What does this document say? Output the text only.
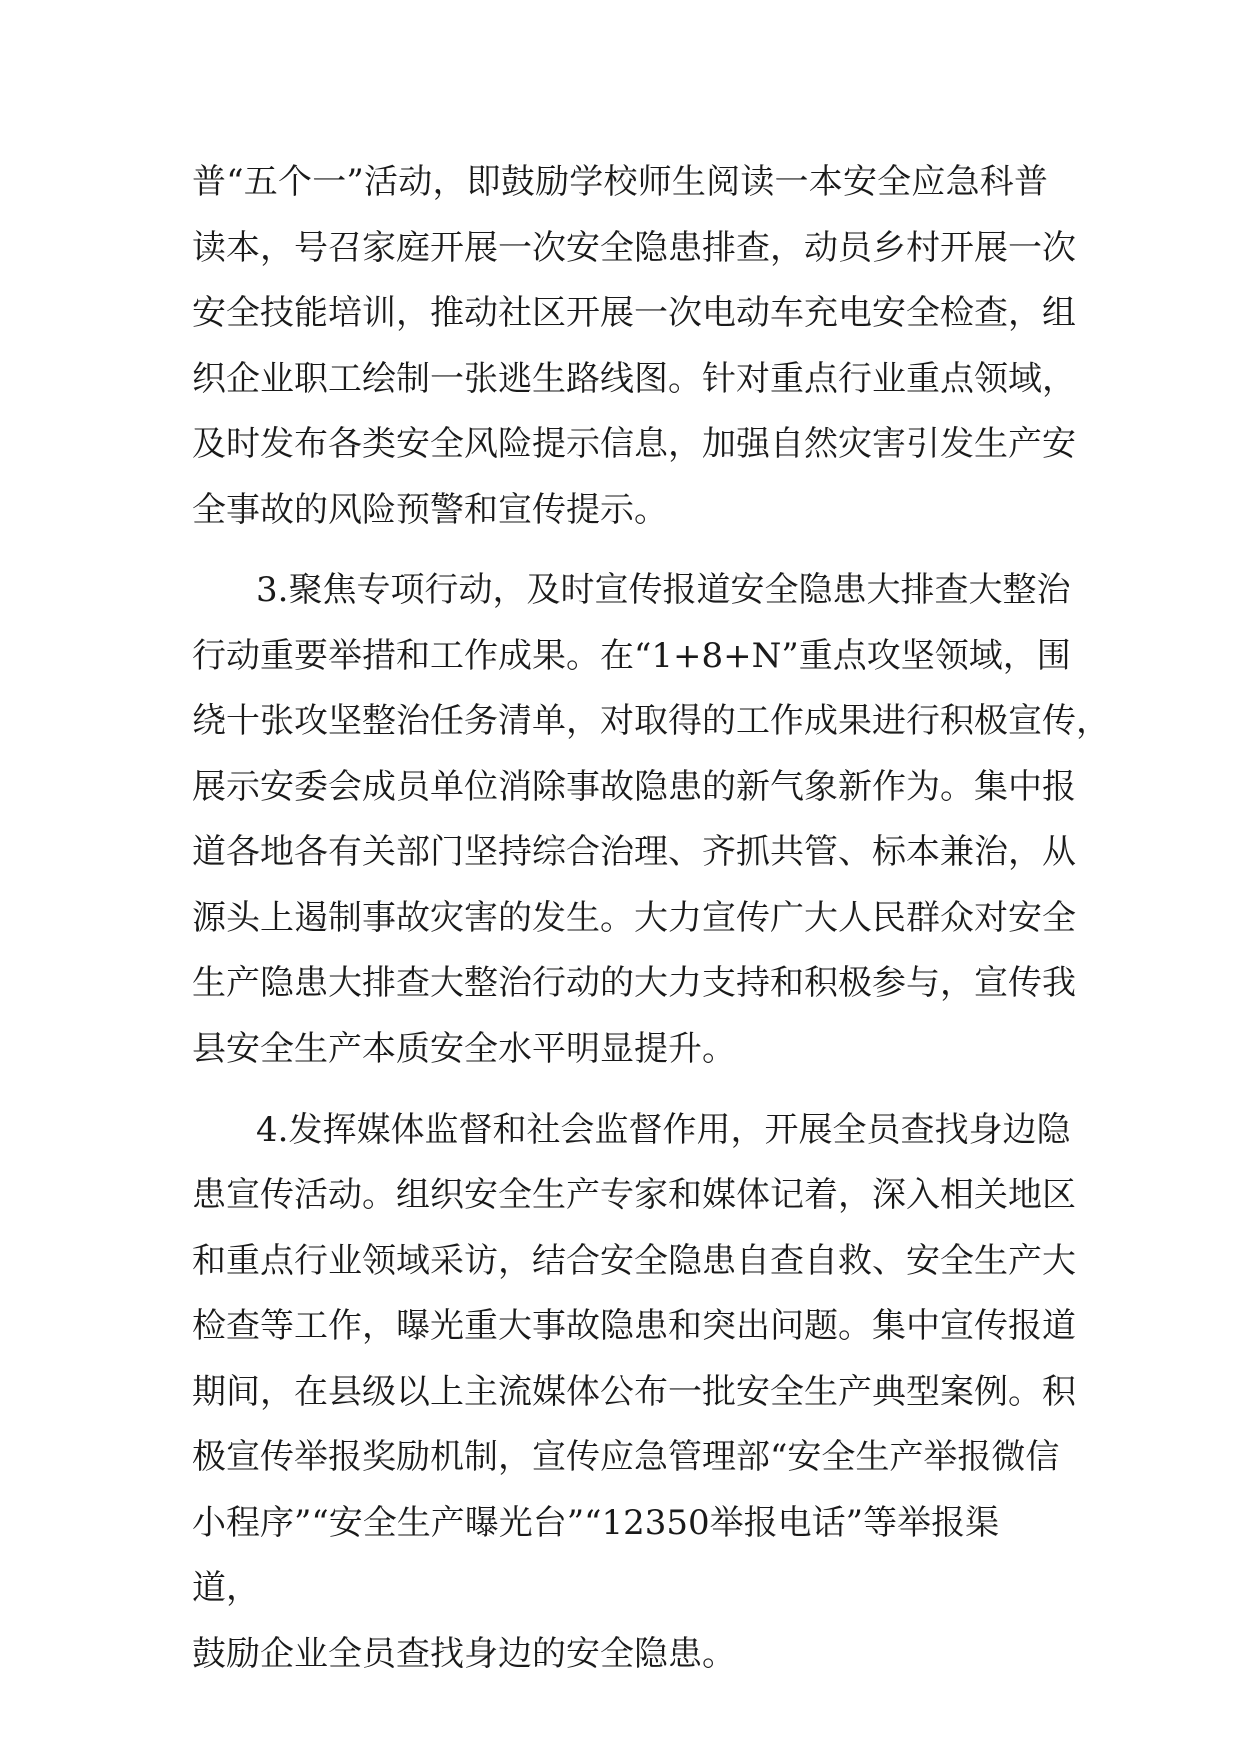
普“五个一”活动，即鼓励学校师生阅读一本安全应急科普

读本，号召家庭开展一次安全隐患排查，动员乡村开展一次

安全技能培训，推动社区开展一次电动车充电安全检查，组

织企业职工绘制一张逃生路线图。针对重点行业重点领域，

及时发布各类安全风险提示信息，加强自然灾害引发生产安

全事故的风险预警和宣传提示。

3.聚焦专项行动，及时宣传报道安全隐患大排查大整治

行动重要举措和工作成果。在“1+8+N”重点攻坚领域，围

绕十张攻坚整治任务清单，对取得的工作成果进行积极宣传，

展示安委会成员单位消除事故隐患的新气象新作为。集中报

道各地各有关部门坚持综合治理、齐抓共管、标本兼治，从

源头上遏制事故灾害的发生。大力宣传广大人民群众对安全

生产隐患大排查大整治行动的大力支持和积极参与，宣传我

县安全生产本质安全水平明显提升。

4.发挥媒体监督和社会监督作用，开展全员查找身边隐

患宣传活动。组织安全生产专家和媒体记着，深入相关地区

和重点行业领域采访，结合安全隐患自查自救、安全生产大

检查等工作，曝光重大事故隐患和突出问题。集中宣传报道

期间，在县级以上主流媒体公布一批安全生产典型案例。积

极宣传举报奖励机制，宣传应急管理部“安全生产举报微信

小程序”“安全生产曝光台”“12350举报电话”等举报渠

道，

鼓励企业全员查找身边的安全隐患。
